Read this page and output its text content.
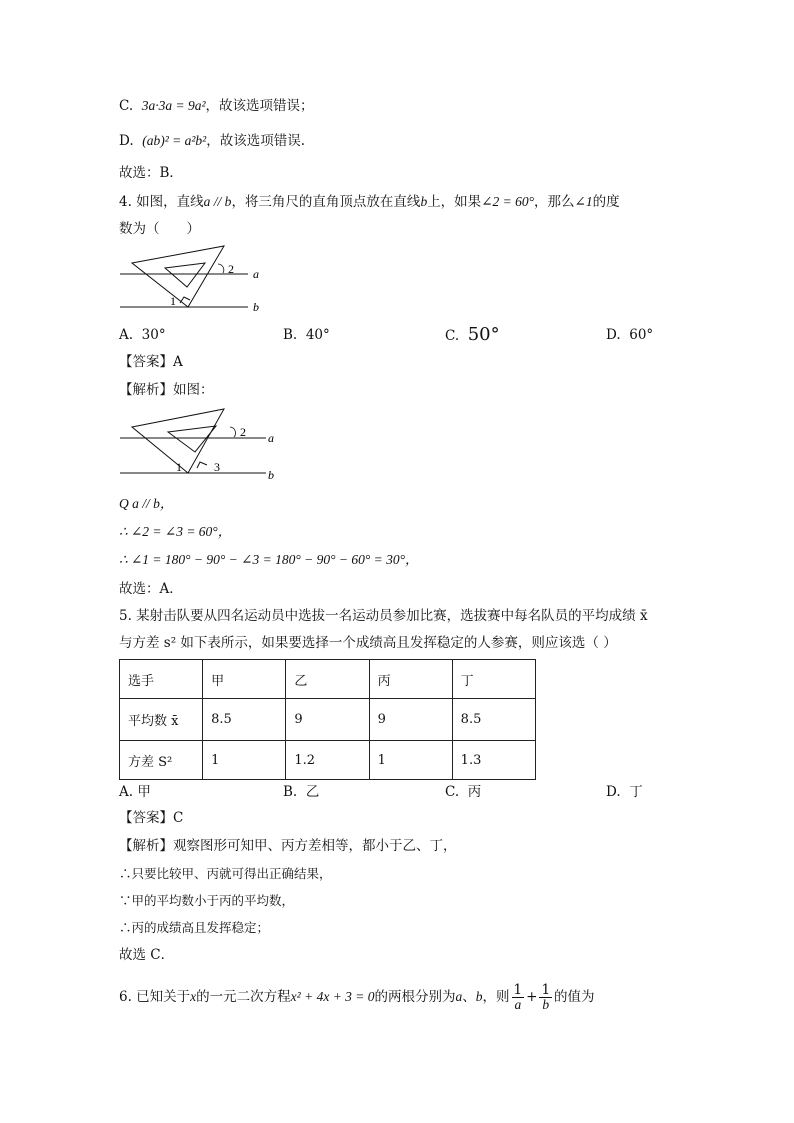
C. 3a·3a = 9a²，故该选项错误；
D. (ab)² = a²b²，故该选项错误.
故选：B．
4. 如图，直线a // b，将三角尺的直角顶点放在直线b上，如果∠2 = 60°，那么∠1的度
数为（　　）
2 a
1	b
A. 30°	B. 40°	C. 50°	D. 60°
【答案】A
【解析】如图：
2 a
1	3
b
Q a // b，
∴ ∠2 = ∠3 = 60°，
∴ ∠1 = 180° − 90° − ∠3 = 180° − 90° − 60° = 30°，
故选：A．
5. 某射击队要从四名运动员中选拔一名运动员参加比赛，选拔赛中每名队员的平均成绩 x̄
与方差 s² 如下表所示，如果要选择一个成绩高且发挥稳定的人参赛，则应该选（ ）
选手	甲	乙	丙	丁
平均数 x̄	8.5	9	9	8.5
方差 S²	1	1.2	1	1.3
A. 甲	B. 乙	C. 丙	D. 丁
【答案】C
【解析】观察图形可知甲、丙方差相等，都小于乙、丁，
∴只要比较甲、丙就可得出正确结果，
∵甲的平均数小于丙的平均数，
∴丙的成绩高且发挥稳定；
故选 C．
6. 已知关于x的一元二次方程x² + 4x + 3 = 0的两根分别为a、b，则 $\frac{1}{a} + \frac{1}{b}$ 的值为
